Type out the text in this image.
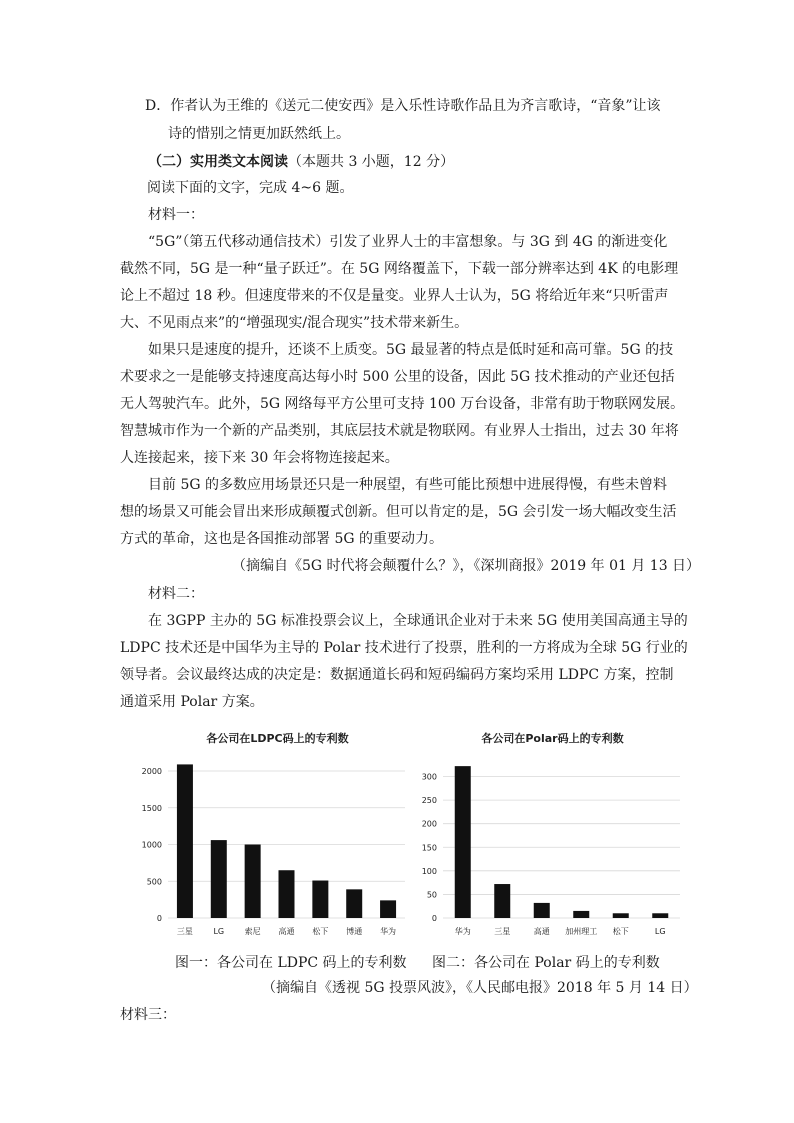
D．作者认为王维的《送元二使安西》是入乐性诗歌作品且为齐言歌诗，“音象”让该
诗的惜别之情更加跃然纸上。
（二）实用类文本阅读（本题共 3 小题，12 分）
阅读下面的文字，完成 4~6 题。
材料一：
“5G”（第五代移动通信技术）引发了业界人士的丰富想象。与 3G 到 4G 的渐进变化
截然不同，5G 是一种“量子跃迁”。在 5G 网络覆盖下，下载一部分辨率达到 4K 的电影理
论上不超过 18 秒。但速度带来的不仅是量变。业界人士认为，5G 将给近年来“只听雷声
大、不见雨点来”的“增强现实/混合现实”技术带来新生。
如果只是速度的提升，还谈不上质变。5G 最显著的特点是低时延和高可靠。5G 的技
术要求之一是能够支持速度高达每小时 500 公里的设备，因此 5G 技术推动的产业还包括
无人驾驶汽车。此外，5G 网络每平方公里可支持 100 万台设备，非常有助于物联网发展。
智慧城市作为一个新的产品类别，其底层技术就是物联网。有业界人士指出，过去 30 年将
人连接起来，接下来 30 年会将物连接起来。
目前 5G 的多数应用场景还只是一种展望，有些可能比预想中进展得慢，有些未曾料
想的场景又可能会冒出来形成颠覆式创新。但可以肯定的是，5G 会引发一场大幅改变生活
方式的革命，这也是各国推动部署 5G 的重要动力。
（摘编自《5G 时代将会颠覆什么？》，《深圳商报》2019 年 01 月 13 日）
材料二：
在 3GPP 主办的 5G 标准投票会议上，全球通讯企业对于未来 5G 使用美国高通主导的
LDPC 技术还是中国华为主导的 Polar 技术进行了投票，胜利的一方将成为全球 5G 行业的
领导者。会议最终达成的决定是：数据通道长码和短码编码方案均采用 LDPC 方案，控制
通道采用 Polar 方案。
各公司在LDPC码上的专利数
0
500
1000
1500
2000
三星	LG	索尼 高通 松下 博通 华为
各公司在Polar码上的专利数
0
50
100
150
200
250
300
华为	三星	高通 加州理工 松下	LG
图一：各公司在 LDPC 码上的专利数 图二：各公司在 Polar 码上的专利数
（摘编自《透视 5G 投票风波》，《人民邮电报》2018 年 5 月 14 日）
材料三：
